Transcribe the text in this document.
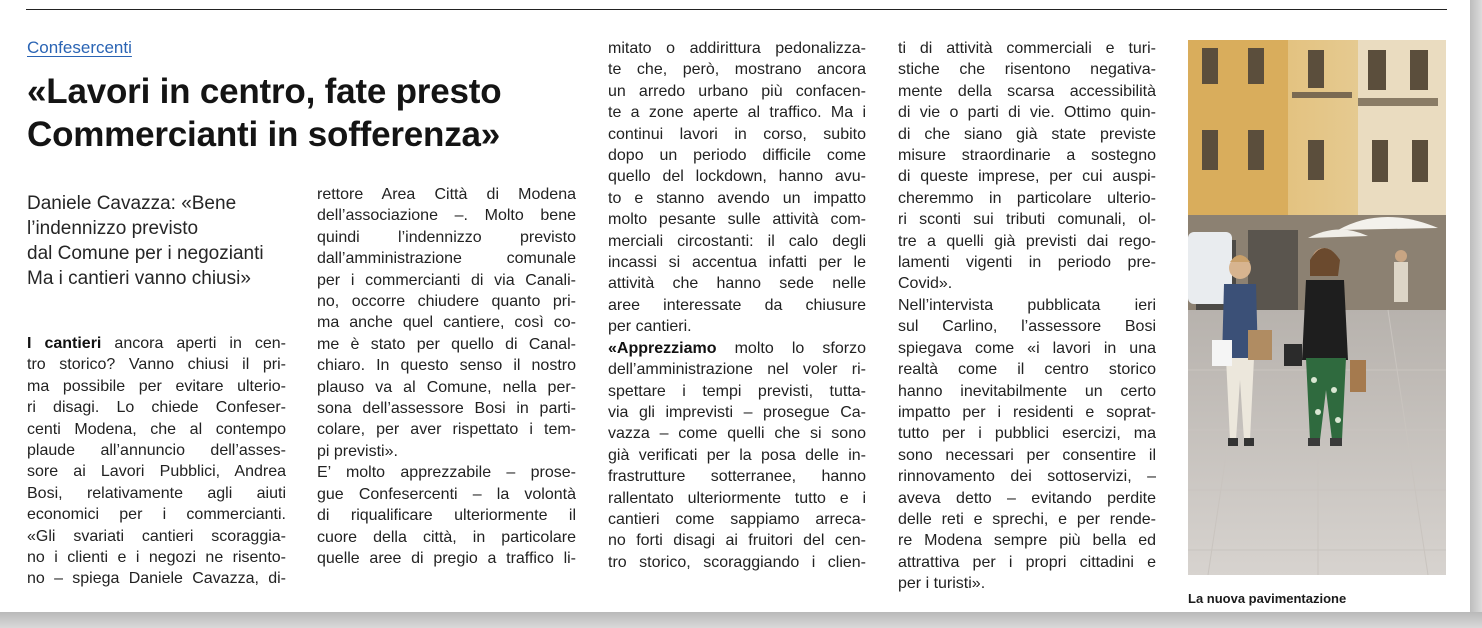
Confesercenti
«Lavori in centro, fate presto
Commercianti in sofferenza»
Daniele Cavazza: «Bene
l’indennizzo previsto
dal Comune per i negozianti
Ma i cantieri vanno chiusi»
I cantieri ancora aperti in cen-
tro storico? Vanno chiusi il pri-
ma possibile per evitare ulterio-
ri disagi. Lo chiede Confeser-
centi Modena, che al contempo
plaude all’annuncio dell’asses-
sore ai Lavori Pubblici, Andrea
Bosi, relativamente agli aiuti
economici per i commercianti.
«Gli svariati cantieri scoraggia-
no i clienti e i negozi ne risento-
no – spiega Daniele Cavazza, di-
rettore Area Città di Modena
dell’associazione –. Molto bene
quindi l’indennizzo previsto
dall’amministrazione comunale
per i commercianti di via Canali-
no, occorre chiudere quanto pri-
ma anche quel cantiere, così co-
me è stato per quello di Canal-
chiaro. In questo senso il nostro
plauso va al Comune, nella per-
sona dell’assessore Bosi in parti-
colare, per aver rispettato i tem-
pi previsti».
E’ molto apprezzabile – prose-
gue Confesercenti – la volontà
di riqualificare ulteriormente il
cuore della città, in particolare
quelle aree di pregio a traffico li-
mitato o addirittura pedonalizza-
te che, però, mostrano ancora
un arredo urbano più confacen-
te a zone aperte al traffico. Ma i
continui lavori in corso, subito
dopo un periodo difficile come
quello del lockdown, hanno avu-
to e stanno avendo un impatto
molto pesante sulle attività com-
merciali circostanti: il calo degli
incassi si accentua infatti per le
attività che hanno sede nelle
aree interessate da chiusure
per cantieri.
«Apprezziamo molto lo sforzo
dell’amministrazione nel voler ri-
spettare i tempi previsti, tutta-
via gli imprevisti – prosegue Ca-
vazza – come quelli che si sono
già verificati per la posa delle in-
frastrutture sotterranee, hanno
rallentato ulteriormente tutto e i
cantieri come sappiamo arreca-
no forti disagi ai fruitori del cen-
tro storico, scoraggiando i clien-
ti di attività commerciali e turi-
stiche che risentono negativa-
mente della scarsa accessibilità
di vie o parti di vie. Ottimo quin-
di che siano già state previste
misure straordinarie a sostegno
di queste imprese, per cui auspi-
cheremmo in particolare ulterio-
ri sconti sui tributi comunali, ol-
tre a quelli già previsti dai rego-
lamenti vigenti in periodo pre-
Covid».
Nell’intervista pubblicata ieri
sul Carlino, l’assessore Bosi
spiegava come «i lavori in una
realtà come il centro storico
hanno inevitabilmente un certo
impatto per i residenti e soprat-
tutto per i pubblici esercizi, ma
sono necessari per consentire il
rinnovamento dei sottoservizi, –
aveva detto – evitando perdite
delle reti e sprechi, e per rende-
re Modena sempre più bella ed
attrattiva per i propri cittadini e
per i turisti».
La nuova pavimentazione
